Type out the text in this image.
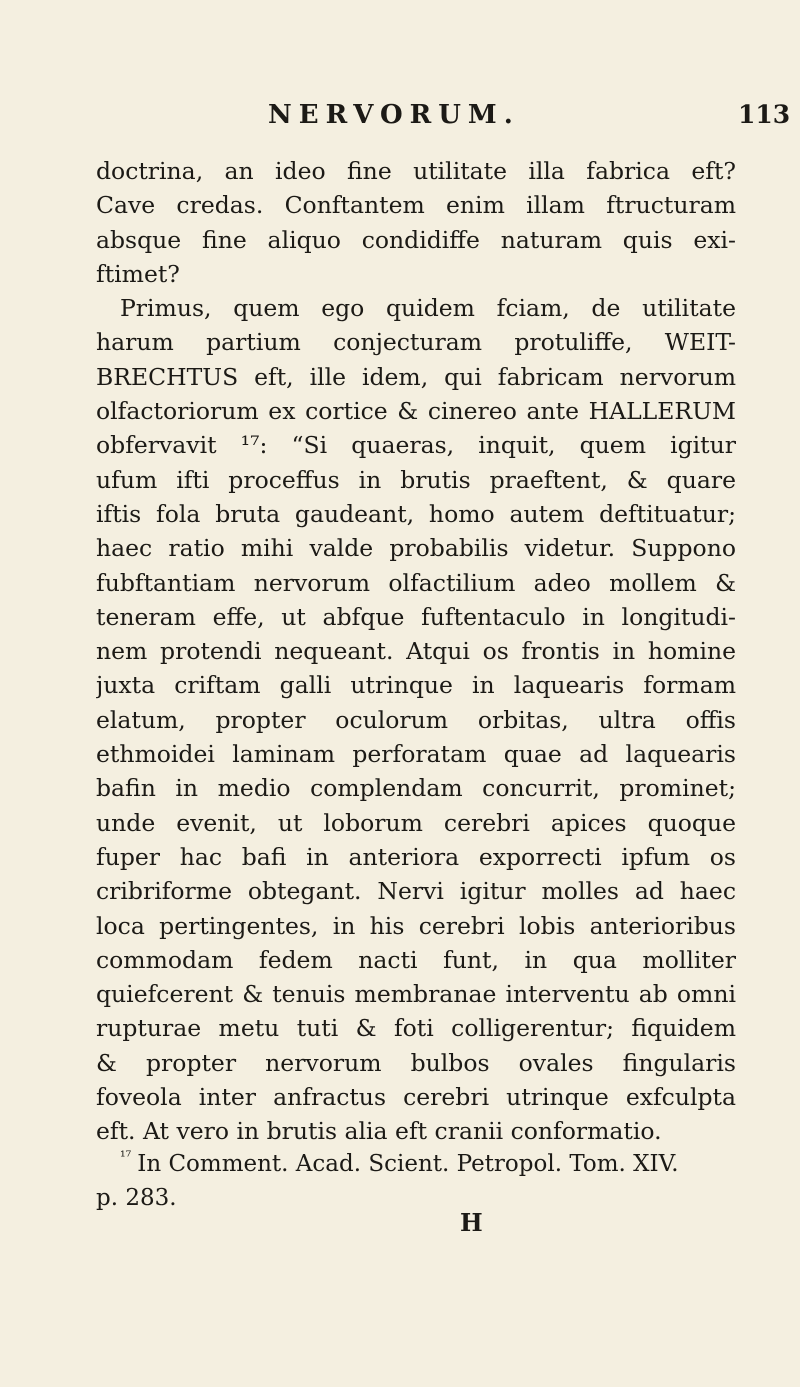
NERVORUM.	113
doctrina, an ideo fine utilitate illa fabrica eft?
Cave credas. Conftantem enim illam ftructuram
absque fine aliquo condidiffe naturam quis exi-
ftimet?
Primus, quem ego quidem fciam, de utilitate
harum partium conjecturam protuliffe, WEIT-
BRECHTUS eft, ille idem, qui fabricam nervorum
olfactoriorum ex cortice & cinereo ante HALLERUM
obfervavit ¹⁷: “Si quaeras, inquit, quem igitur
ufum ifti proceffus in brutis praeftent, & quare
iftis fola bruta gaudeant, homo autem deftituatur;
haec ratio mihi valde probabilis videtur. Suppono
fubftantiam nervorum olfactilium adeo mollem &
teneram effe, ut abfque fuftentaculo in longitudi-
nem protendi nequeant. Atqui os frontis in homine
juxta criftam galli utrinque in laquearis formam
elatum, propter oculorum orbitas, ultra offis
ethmoidei laminam perforatam quae ad laquearis
bafin in medio complendam concurrit, prominet;
unde evenit, ut loborum cerebri apices quoque
fuper hac bafi in anteriora exporrecti ipfum os
cribriforme obtegant. Nervi igitur molles ad haec
loca pertingentes, in his cerebri lobis anterioribus
commodam fedem nacti funt, in qua molliter
quiefcerent & tenuis membranae interventu ab omni
rupturae metu tuti & foti colligerentur; fiquidem
& propter nervorum bulbos ovales fingularis
foveola inter anfractus cerebri utrinque exfculpta
eft. At vero in brutis alia eft cranii conformatio.
$^{^{17}}$ In Comment. Acad. Scient. Petropol. Tom. XIV.
p. 283.
H
